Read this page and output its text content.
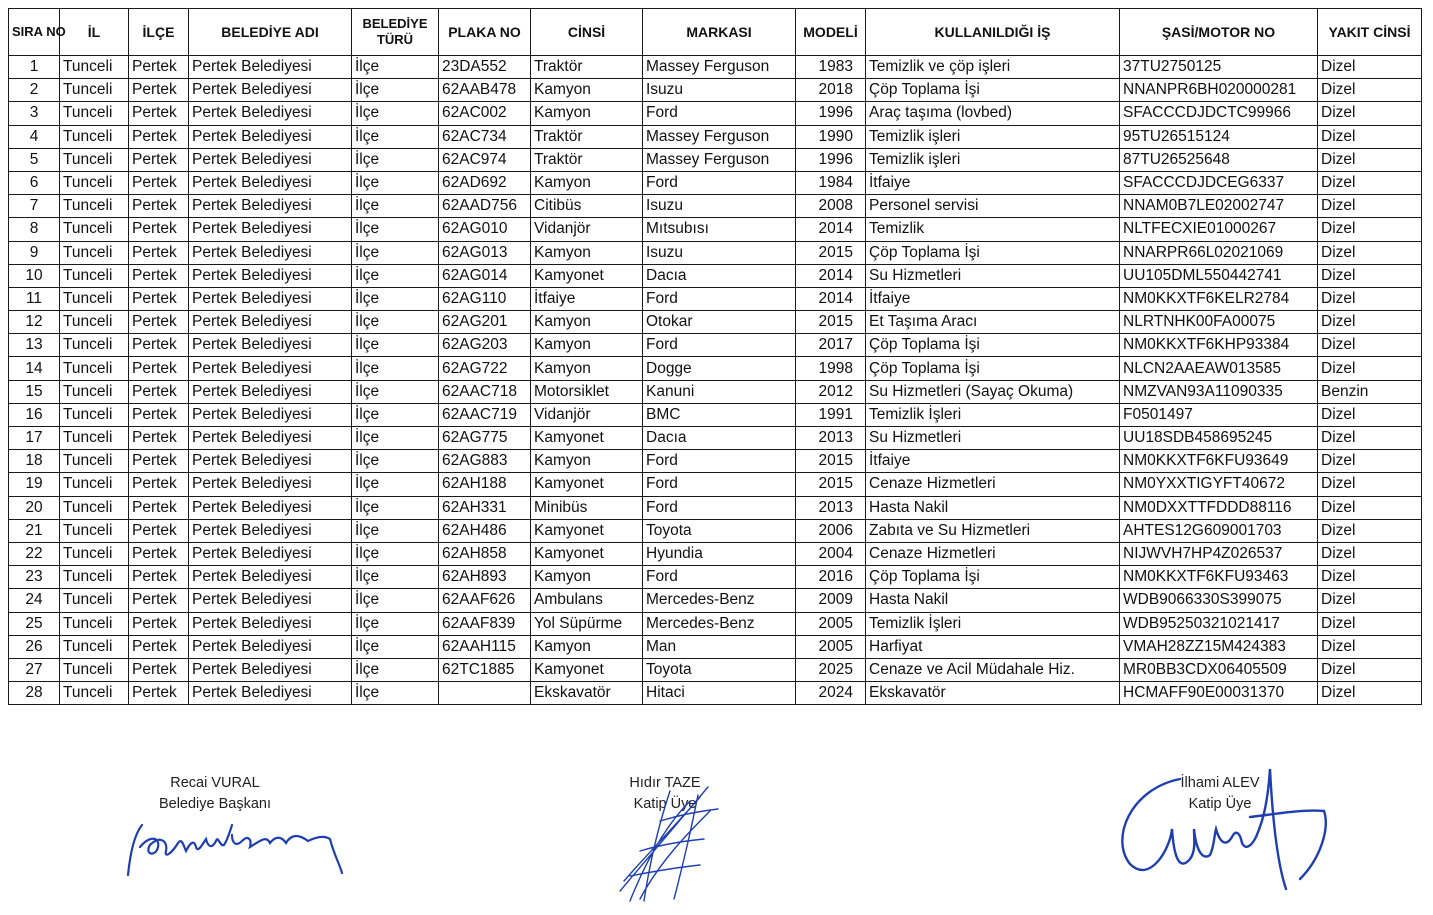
SIRA NO	İL	İLÇE	BELEDİYE ADI	BELEDİYE TÜRÜ	PLAKA NO	CİNSİ	MARKASI	MODELİ	KULLANILDIĞI İŞ	ŞASİ/MOTOR NO	YAKIT CİNSİ
1	Tunceli	Pertek	Pertek Belediyesi	İlçe	23DA552	Traktör	Massey Ferguson	1983	Temizlik ve çöp işleri	37TU2750125	Dizel
2	Tunceli	Pertek	Pertek Belediyesi	İlçe	62AAB478	Kamyon	Isuzu	2018	Çöp Toplama İşi	NNANPR6BH020000281	Dizel
3	Tunceli	Pertek	Pertek Belediyesi	İlçe	62AC002	Kamyon	Ford	1996	Araç taşıma (lovbed)	SFACCCDJDCTC99966	Dizel
4	Tunceli	Pertek	Pertek Belediyesi	İlçe	62AC734	Traktör	Massey Ferguson	1990	Temizlik işleri	95TU26515124	Dizel
5	Tunceli	Pertek	Pertek Belediyesi	İlçe	62AC974	Traktör	Massey Ferguson	1996	Temizlik işleri	87TU26525648	Dizel
6	Tunceli	Pertek	Pertek Belediyesi	İlçe	62AD692	Kamyon	Ford	1984	İtfaiye	SFACCCDJDCEG6337	Dizel
7	Tunceli	Pertek	Pertek Belediyesi	İlçe	62AAD756	Citibüs	Isuzu	2008	Personel servisi	NNAM0B7LE02002747	Dizel
8	Tunceli	Pertek	Pertek Belediyesi	İlçe	62AG010	Vidanjör	Mıtsubısı	2014	Temizlik	NLTFECXIE01000267	Dizel
9	Tunceli	Pertek	Pertek Belediyesi	İlçe	62AG013	Kamyon	Isuzu	2015	Çöp Toplama İşi	NNARPR66L02021069	Dizel
10	Tunceli	Pertek	Pertek Belediyesi	İlçe	62AG014	Kamyonet	Dacıa	2014	Su Hizmetleri	UU105DML550442741	Dizel
11	Tunceli	Pertek	Pertek Belediyesi	İlçe	62AG110	İtfaiye	Ford	2014	İtfaiye	NM0KKXTF6KELR2784	Dizel
12	Tunceli	Pertek	Pertek Belediyesi	İlçe	62AG201	Kamyon	Otokar	2015	Et Taşıma Aracı	NLRTNHK00FA00075	Dizel
13	Tunceli	Pertek	Pertek Belediyesi	İlçe	62AG203	Kamyon	Ford	2017	Çöp Toplama İşi	NM0KKXTF6KHP93384	Dizel
14	Tunceli	Pertek	Pertek Belediyesi	İlçe	62AG722	Kamyon	Dogge	1998	Çöp Toplama İşi	NLCN2AAEAW013585	Dizel
15	Tunceli	Pertek	Pertek Belediyesi	İlçe	62AAC718	Motorsiklet	Kanuni	2012	Su Hizmetleri (Sayaç Okuma)	NMZVAN93A11090335	Benzin
16	Tunceli	Pertek	Pertek Belediyesi	İlçe	62AAC719	Vidanjör	BMC	1991	Temizlik İşleri	F0501497	Dizel
17	Tunceli	Pertek	Pertek Belediyesi	İlçe	62AG775	Kamyonet	Dacıa	2013	Su Hizmetleri	UU18SDB458695245	Dizel
18	Tunceli	Pertek	Pertek Belediyesi	İlçe	62AG883	Kamyon	Ford	2015	İtfaiye	NM0KKXTF6KFU93649	Dizel
19	Tunceli	Pertek	Pertek Belediyesi	İlçe	62AH188	Kamyonet	Ford	2015	Cenaze Hizmetleri	NM0YXXTIGYFT40672	Dizel
20	Tunceli	Pertek	Pertek Belediyesi	İlçe	62AH331	Minibüs	Ford	2013	Hasta Nakil	NM0DXXTTFDDD88116	Dizel
21	Tunceli	Pertek	Pertek Belediyesi	İlçe	62AH486	Kamyonet	Toyota	2006	Zabıta ve Su Hizmetleri	AHTES12G609001703	Dizel
22	Tunceli	Pertek	Pertek Belediyesi	İlçe	62AH858	Kamyonet	Hyundia	2004	Cenaze Hizmetleri	NIJWVH7HP4Z026537	Dizel
23	Tunceli	Pertek	Pertek Belediyesi	İlçe	62AH893	Kamyon	Ford	2016	Çöp Toplama İşi	NM0KKXTF6KFU93463	Dizel
24	Tunceli	Pertek	Pertek Belediyesi	İlçe	62AAF626	Ambulans	Mercedes-Benz	2009	Hasta Nakil	WDB9066330S399075	Dizel
25	Tunceli	Pertek	Pertek Belediyesi	İlçe	62AAF839	Yol Süpürme	Mercedes-Benz	2005	Temizlik İşleri	WDB95250321021417	Dizel
26	Tunceli	Pertek	Pertek Belediyesi	İlçe	62AAH115	Kamyon	Man	2005	Harfiyat	VMAH28ZZ15M424383	Dizel
27	Tunceli	Pertek	Pertek Belediyesi	İlçe	62TC1885	Kamyonet	Toyota	2025	Cenaze ve Acil Müdahale Hiz.	MR0BB3CDX06405509	Dizel
28	Tunceli	Pertek	Pertek Belediyesi	İlçe		Ekskavatör	Hitaci	2024	Ekskavatör	HCMAFF90E00031370	Dizel
Recai VURAL
Belediye Başkanı
Hıdır TAZE
Katip Üye
İlhami ALEV
Katip Üye
